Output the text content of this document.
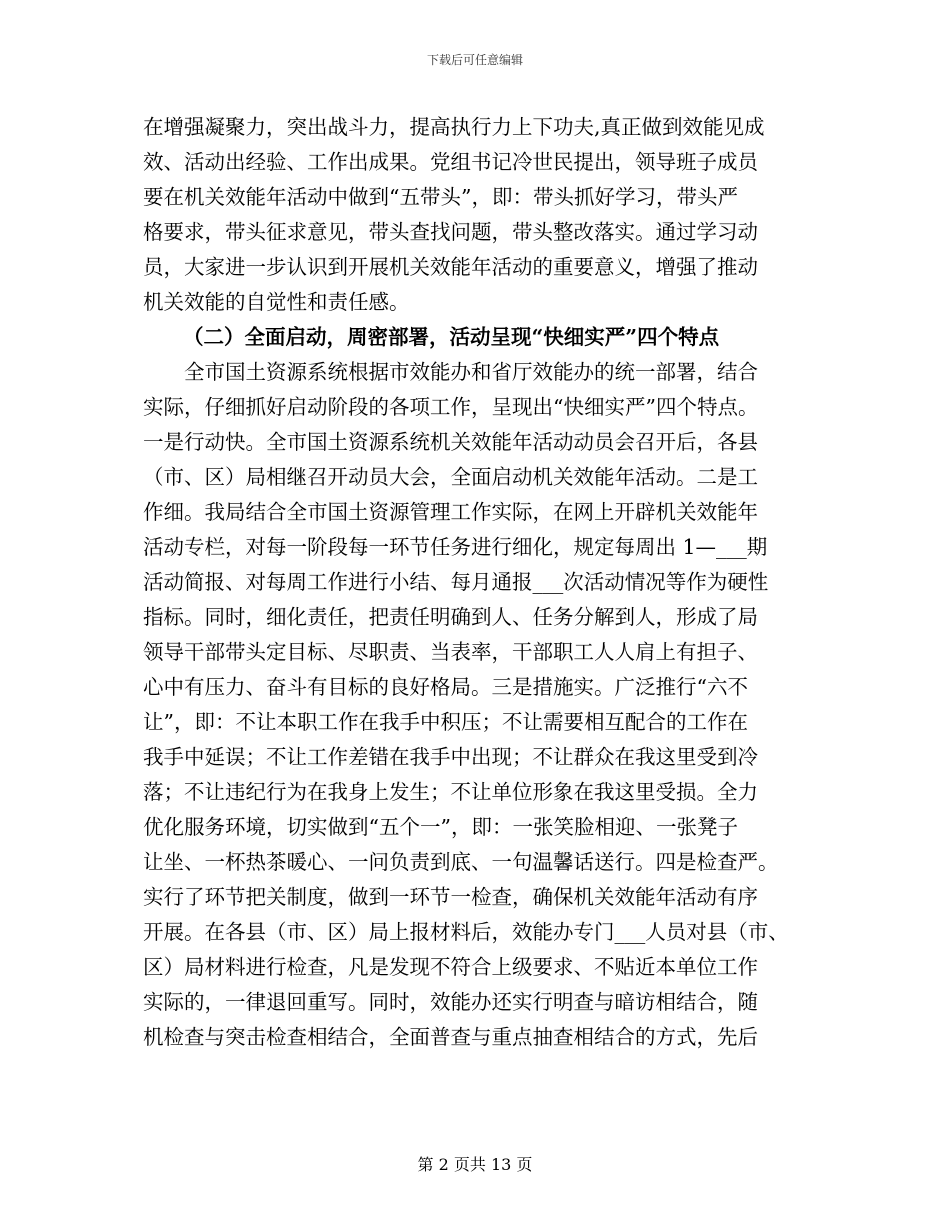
下载后可任意编辑
在增强凝聚力，突出战斗力，提高执行力上下功夫,真正做到效能见成
效、活动出经验、工作出成果。党组书记冷世民提出，领导班子成员
要在机关效能年活动中做到“五带头”，即：带头抓好学习，带头严
格要求，带头征求意见，带头查找问题，带头整改落实。通过学习动
员，大家进一步认识到开展机关效能年活动的重要意义，增强了推动
机关效能的自觉性和责任感。
（二）全面启动，周密部署，活动呈现“快细实严”四个特点
全市国土资源系统根据市效能办和省厅效能办的统一部署，结合
实际，仔细抓好启动阶段的各项工作，呈现出“快细实严”四个特点。
一是行动快。全市国土资源系统机关效能年活动动员会召开后，各县
（市、区）局相继召开动员大会，全面启动机关效能年活动。二是工
作细。我局结合全市国土资源管理工作实际，在网上开辟机关效能年
活动专栏，对每一阶段每一环节任务进行细化，规定每周出 1—___期
活动简报、对每周工作进行小结、每月通报___次活动情况等作为硬性
指标。同时，细化责任，把责任明确到人、任务分解到人，形成了局
领导干部带头定目标、尽职责、当表率，干部职工人人肩上有担子、
心中有压力、奋斗有目标的良好格局。三是措施实。广泛推行“六不
让”，即：不让本职工作在我手中积压；不让需要相互配合的工作在
我手中延误；不让工作差错在我手中出现；不让群众在我这里受到冷
落；不让违纪行为在我身上发生；不让单位形象在我这里受损。全力
优化服务环境，切实做到“五个一”，即：一张笑脸相迎、一张凳子
让坐、一杯热茶暖心、一问负责到底、一句温馨话送行。四是检查严。
实行了环节把关制度，做到一环节一检查，确保机关效能年活动有序
开展。在各县（市、区）局上报材料后，效能办专门___人员对县（市、
区）局材料进行检查，凡是发现不符合上级要求、不贴近本单位工作
实际的，一律退回重写。同时，效能办还实行明查与暗访相结合，随
机检查与突击检查相结合，全面普查与重点抽查相结合的方式，先后
第 2 页共 13 页
